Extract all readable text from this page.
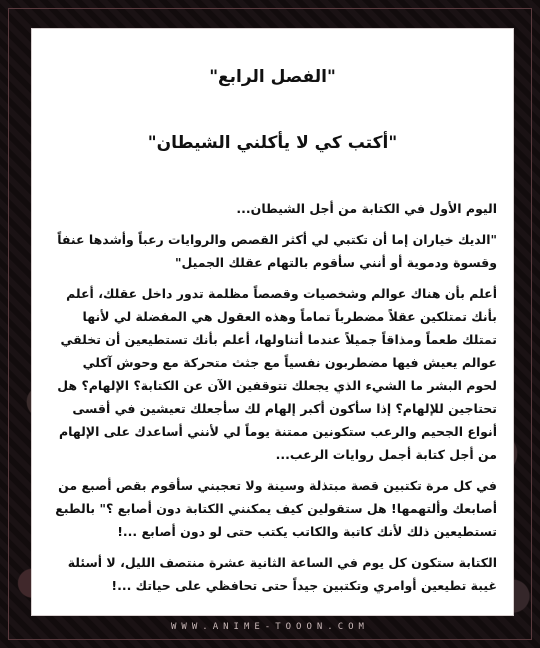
"الفصل الرابع"
"أكتب كي لا يأكلني الشيطان"

اليوم الأول في الكتابة من أجل الشيطان...

"الديك خياران إما أن تكتبي لي أكثر القصص والروايات رعباً وأشدها عنفاً وقسوة ودموية أو أنني سأقوم بالتهام عقلك الجميل"

أعلم بأن هناك عوالم وشخصيات وقصصاً مظلمة تدور داخل عقلك، أعلم بأنك تمتلكين عقلاً مضطرباً تماماً وهذه العقول هي المفضلة لي لأنها تمتلك طعماً ومذاقاً جميلاً عندما أتناولها، أعلم بأنك تستطيعين أن تخلقي عوالم يعيش فيها مضطربون نفسياً مع جثث متحركة مع وحوش آكلي لحوم البشر ما الشيء الذي يجعلك تتوقفين الآن عن الكتابة؟ الإلهام؟ هل تحتاجين للإلهام؟ إذا سأكون أكبر إلهام لك سأجعلك تعيشين في أقسى أنواع الجحيم والرعب ستكونين ممتنة يوماً لي لأنني أساعدك على الإلهام من أجل كتابة أجمل روايات الرعب...

في كل مرة تكتبين قصة مبتذلة وسينة ولا تعجبني سأقوم بقص أصبع من أصابعك وألتهمها! هل ستقولين كيف يمكنني الكتابة دون أصابع ؟" بالطبع تستطيعين ذلك لأنك كاتبة والكاتب يكتب حتى لو دون أصابع ...!

الكتابة ستكون كل يوم في الساعة الثانية عشرة منتصف الليل، لا أسئلة غيبة تطيعين أوامري وتكتبين جيداً حتى تحافظي على حياتك ...!

WWW.ANIME-TOOON.COM
